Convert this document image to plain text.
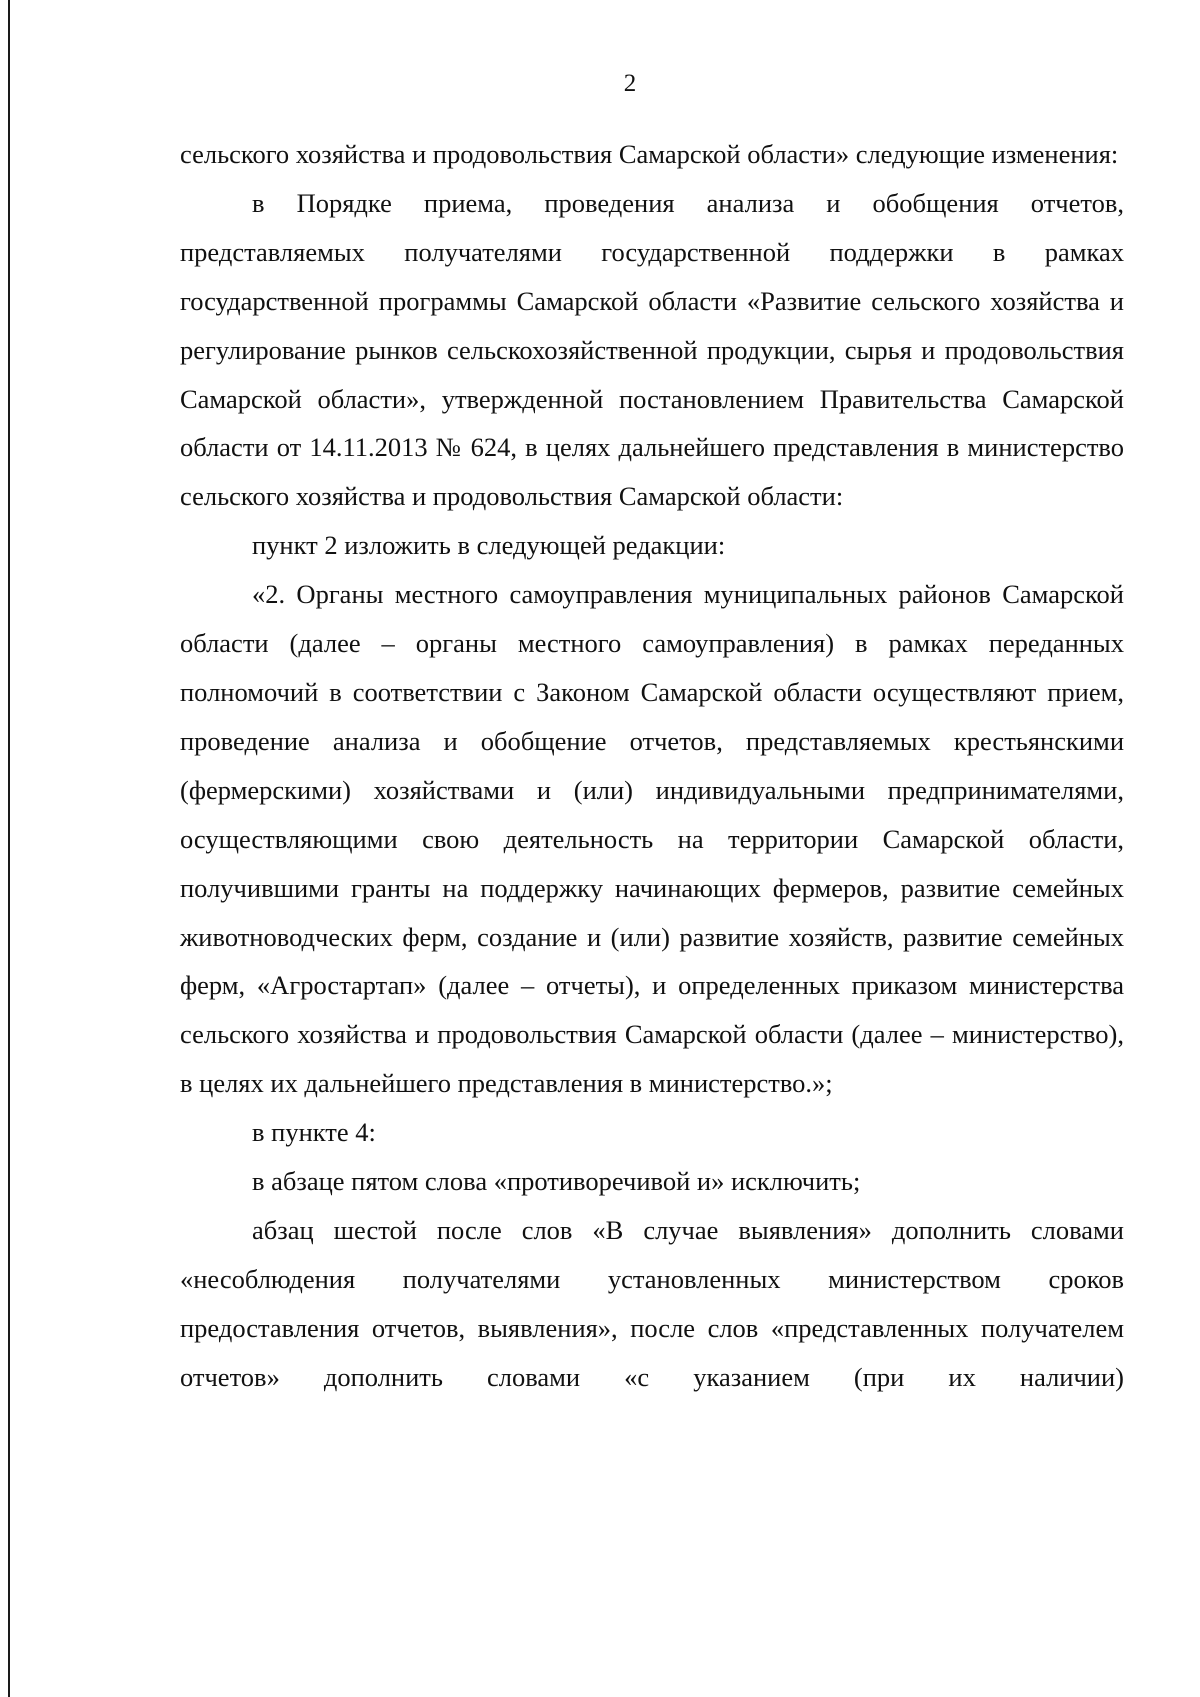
2

сельского хозяйства и продовольствия Самарской области» следующие изменения:

в Порядке приема, проведения анализа и обобщения отчетов, представляемых получателями государственной поддержки в рамках государственной программы Самарской области «Развитие сельского хозяйства и регулирование рынков сельскохозяйственной продукции, сырья и продовольствия Самарской области», утвержденной постановлением Правительства Самарской области от 14.11.2013 № 624, в целях дальнейшего представления в министерство сельского хозяйства и продовольствия Самарской области:

пункт 2 изложить в следующей редакции:

«2. Органы местного самоуправления муниципальных районов Самарской области (далее – органы местного самоуправления) в рамках переданных полномочий в соответствии с Законом Самарской области осуществляют прием, проведение анализа и обобщение отчетов, представляемых крестьянскими (фермерскими) хозяйствами и (или) индивидуальными предпринимателями, осуществляющими свою деятельность на территории Самарской области, получившими гранты на поддержку начинающих фермеров, развитие семейных животноводческих ферм, создание и (или) развитие хозяйств, развитие семейных ферм, «Агростартап» (далее – отчеты), и определенных приказом министерства сельского хозяйства и продовольствия Самарской области (далее – министерство), в целях их дальнейшего представления в министерство.»;

в пункте 4:

в абзаце пятом слова «противоречивой и» исключить;

абзац шестой после слов «В случае выявления» дополнить словами «несоблюдения получателями установленных министерством сроков предоставления отчетов, выявления», после слов «представленных получателем отчетов» дополнить словами «с указанием (при их наличии)
